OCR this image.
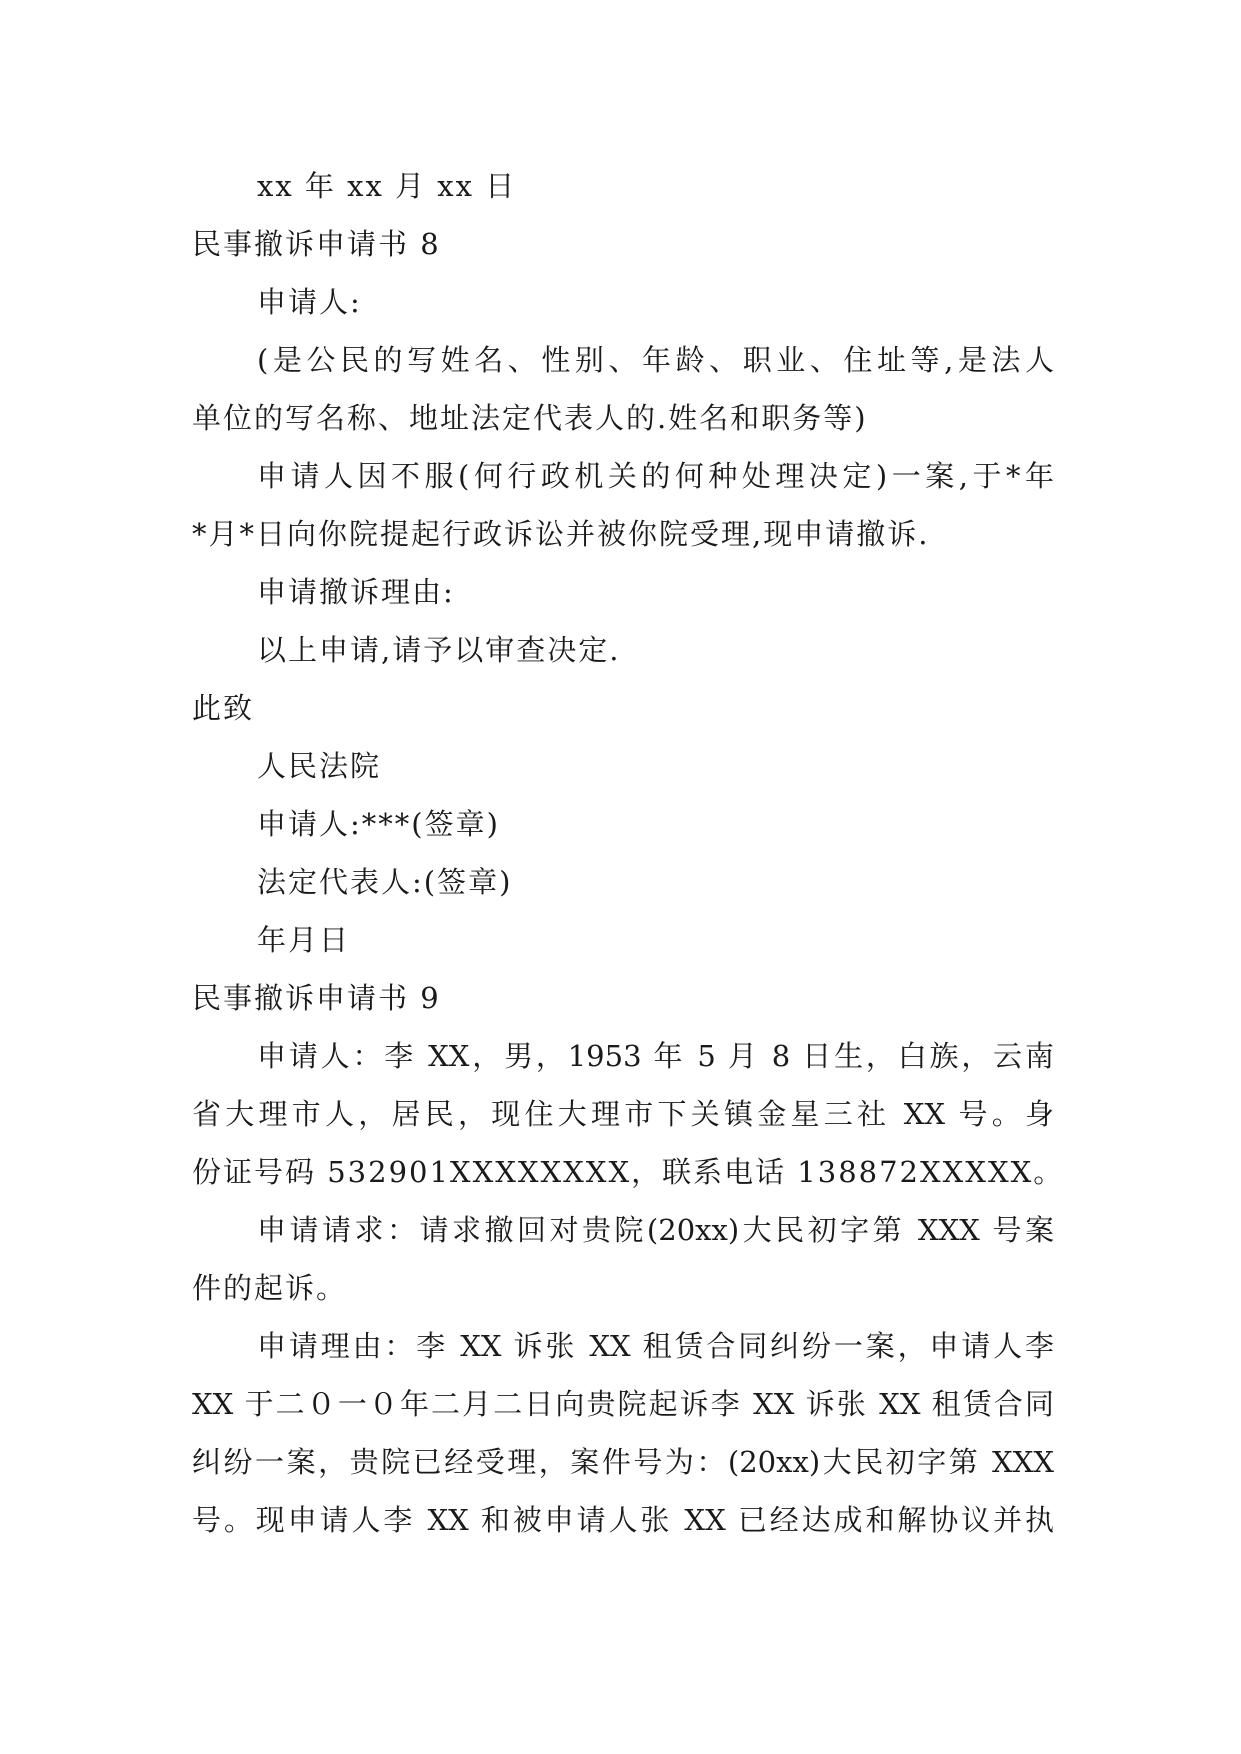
xx 年 xx 月 xx 日
民事撤诉申请书 8
申请人:
(是公民的写姓名、性别、年龄、职业、住址等,是法人
单位的写名称、地址法定代表人的.姓名和职务等)
申请人因不服(何行政机关的何种处理决定)一案,于*年
*月*日向你院提起行政诉讼并被你院受理,现申请撤诉.
申请撤诉理由:
以上申请,请予以审查决定.
此致
人民法院
申请人:***(签章)
法定代表人:(签章)
年月日
民事撤诉申请书 9
申请人：李 XX，男，1953 年 5 月 8 日生，白族，云南
省大理市人，居民，现住大理市下关镇金星三社 XX 号。身
份证号码 532901XXXXXXXX，联系电话 138872XXXXX。
申请请求：请求撤回对贵院(20xx)大民初字第 XXX 号案
件的起诉。
申请理由：李 XX 诉张 XX 租赁合同纠纷一案，申请人李
XX 于二０一０年二月二日向贵院起诉李 XX 诉张 XX 租赁合同
纠纷一案，贵院已经受理，案件号为：(20xx)大民初字第 XXX
号。现申请人李 XX 和被申请人张 XX 已经达成和解协议并执
